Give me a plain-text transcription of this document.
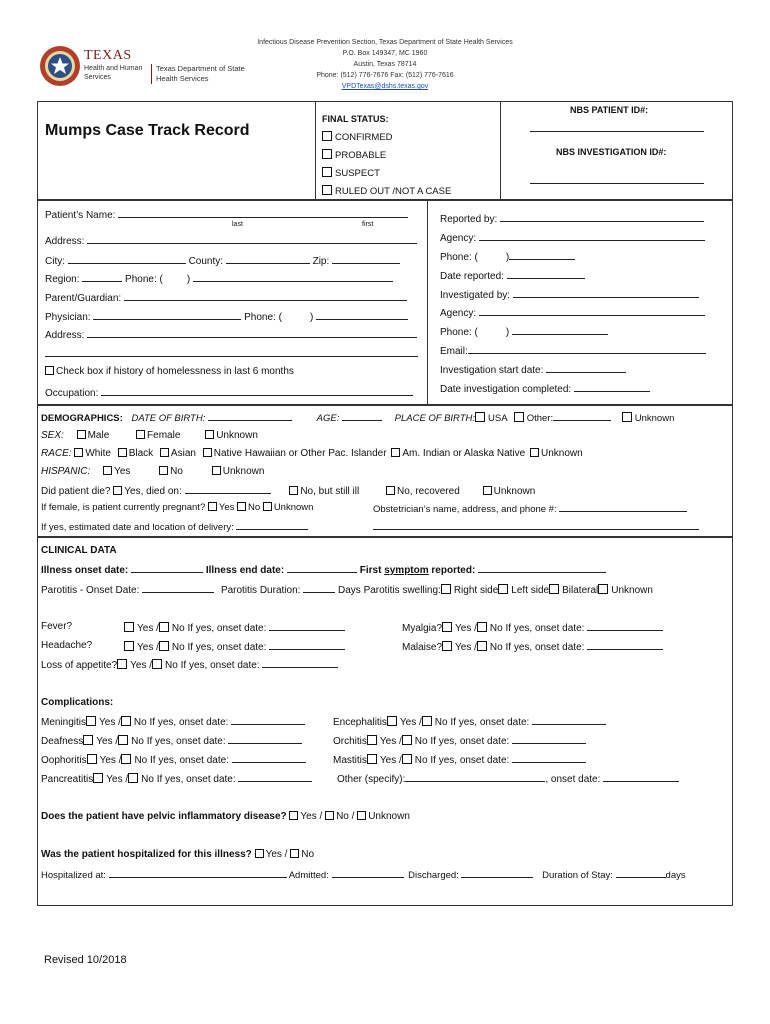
TEXAS
Health and Human
Services
Texas Department of State
Health Services
Infectious Disease Prevention Section, Texas Department of State Health Services
P.O. Box 149347, MC 1960
Austin, Texas 78714
Phone: (512) 776-7676 Fax: (512) 776-7616
VPDTexas@dshs.texas.gov
Mumps Case Track Record
FINAL STATUS:
CONFIRMED
PROBABLE
SUSPECT
RULED OUT /NOT A CASE
NBS PATIENT ID#:
NBS INVESTIGATION ID#:
Patient’s Name:
last	first
Address:
City:	County:	Zip:
Region:	Phone: ( )
Parent/Guardian:
Physician:	Phone: (	)
Address:
Check box if history of homelessness in last 6 months
Occupation:
Reported by:
Agency:
Phone: (	)
Date reported:
Investigated by:
Agency:
Phone: (	)
Email:
Investigation start date:
Date investigation completed:
DEMOGRAPHICS: DATE OF BIRTH:	AGE:	PLACE OF BIRTH: USA Other:	Unknown
SEX: Male	Female	Unknown
RACE: White Black Asian Native Hawaiian or Other Pac. Islander Am. Indian or Alaska Native Unknown
HISPANIC: Yes	No	Unknown
Did patient die? Yes, died on:	No, but still ill	No, recovered	Unknown
If female, is patient currently pregnant? Yes No Unknown	Obstetrician’s name, address, and phone #:
If yes, estimated date and location of delivery:
CLINICAL DATA
Illness onset date:	Illness end date:	First symptom reported:
Parotitis - Onset Date:	Parotitis Duration:	Days Parotitis swelling: Right side Left side Bilateral Unknown
Fever?	Yes / No If yes, onset date:
Headache?	Yes / No If yes, onset date:
Loss of appetite? Yes / No If yes, onset date:
Myalgia? Yes / No If yes, onset date:
Malaise? Yes / No If yes, onset date:
Complications:
Meningitis Yes / No If yes, onset date:
Deafness Yes / No If yes, onset date:
Oophoritis Yes / No If yes, onset date:
Pancreatitis Yes / No If yes, onset date:
Encephalitis Yes / No If yes, onset date:
Orchitis Yes / No If yes, onset date:
Mastitis Yes / No If yes, onset date:
Other (specify):	, onset date:
Does the patient have pelvic inflammatory disease? Yes / No / Unknown
Was the patient hospitalized for this illness? Yes / No
Hospitalized at:	Admitted:	Discharged:	Duration of Stay:	days
Revised 10/2018
